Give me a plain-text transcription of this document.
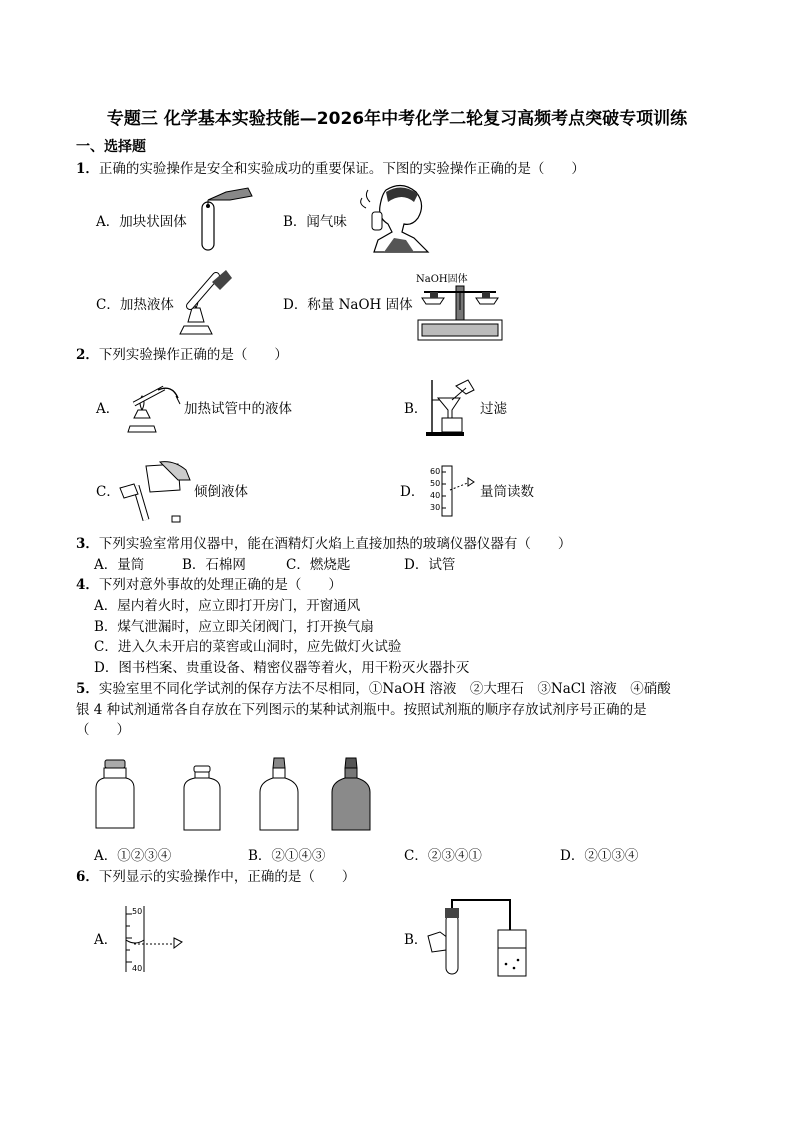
专题三 化学基本实验技能—2026年中考化学二轮复习高频考点突破专项训练
一、选择题
1．正确的实验操作是安全和实验成功的重要保证。下图的实验操作正确的是（　　）
A．加块状固体	B．闻气味
C．加热液体	D．称量 NaOH 固体
NaOH固体
2．下列实验操作正确的是（　　）
A．	加热试管中的液体	B．	过滤
C．	倾倒液体	D．
60
50
40
30
量筒读数
3．下列实验室常用仪器中，能在酒精灯火焰上直接加热的玻璃仪器仪器有（　　）
A．量筒	B．石棉网	C．燃烧匙	D．试管
4．下列对意外事故的处理正确的是（　　）
A．屋内着火时，应立即打开房门，开窗通风
B．煤气泄漏时，应立即关闭阀门，打开换气扇
C．进入久未开启的菜窖或山洞时，应先做灯火试验
D．图书档案、贵重设备、精密仪器等着火，用干粉灭火器扑灭
5．实验室里不同化学试剂的保存方法不尽相同，①NaOH 溶液　②大理石　③NaCl 溶液　④硝酸
银 4 种试剂通常各自存放在下列图示的某种试剂瓶中。按照试剂瓶的顺序存放试剂序号正确的是
（　　）
A．①②③④	B．②①④③	C．②③④①	D．②①③④
6．下列显示的实验操作中，正确的是（　　）
A．
50
40
B．
